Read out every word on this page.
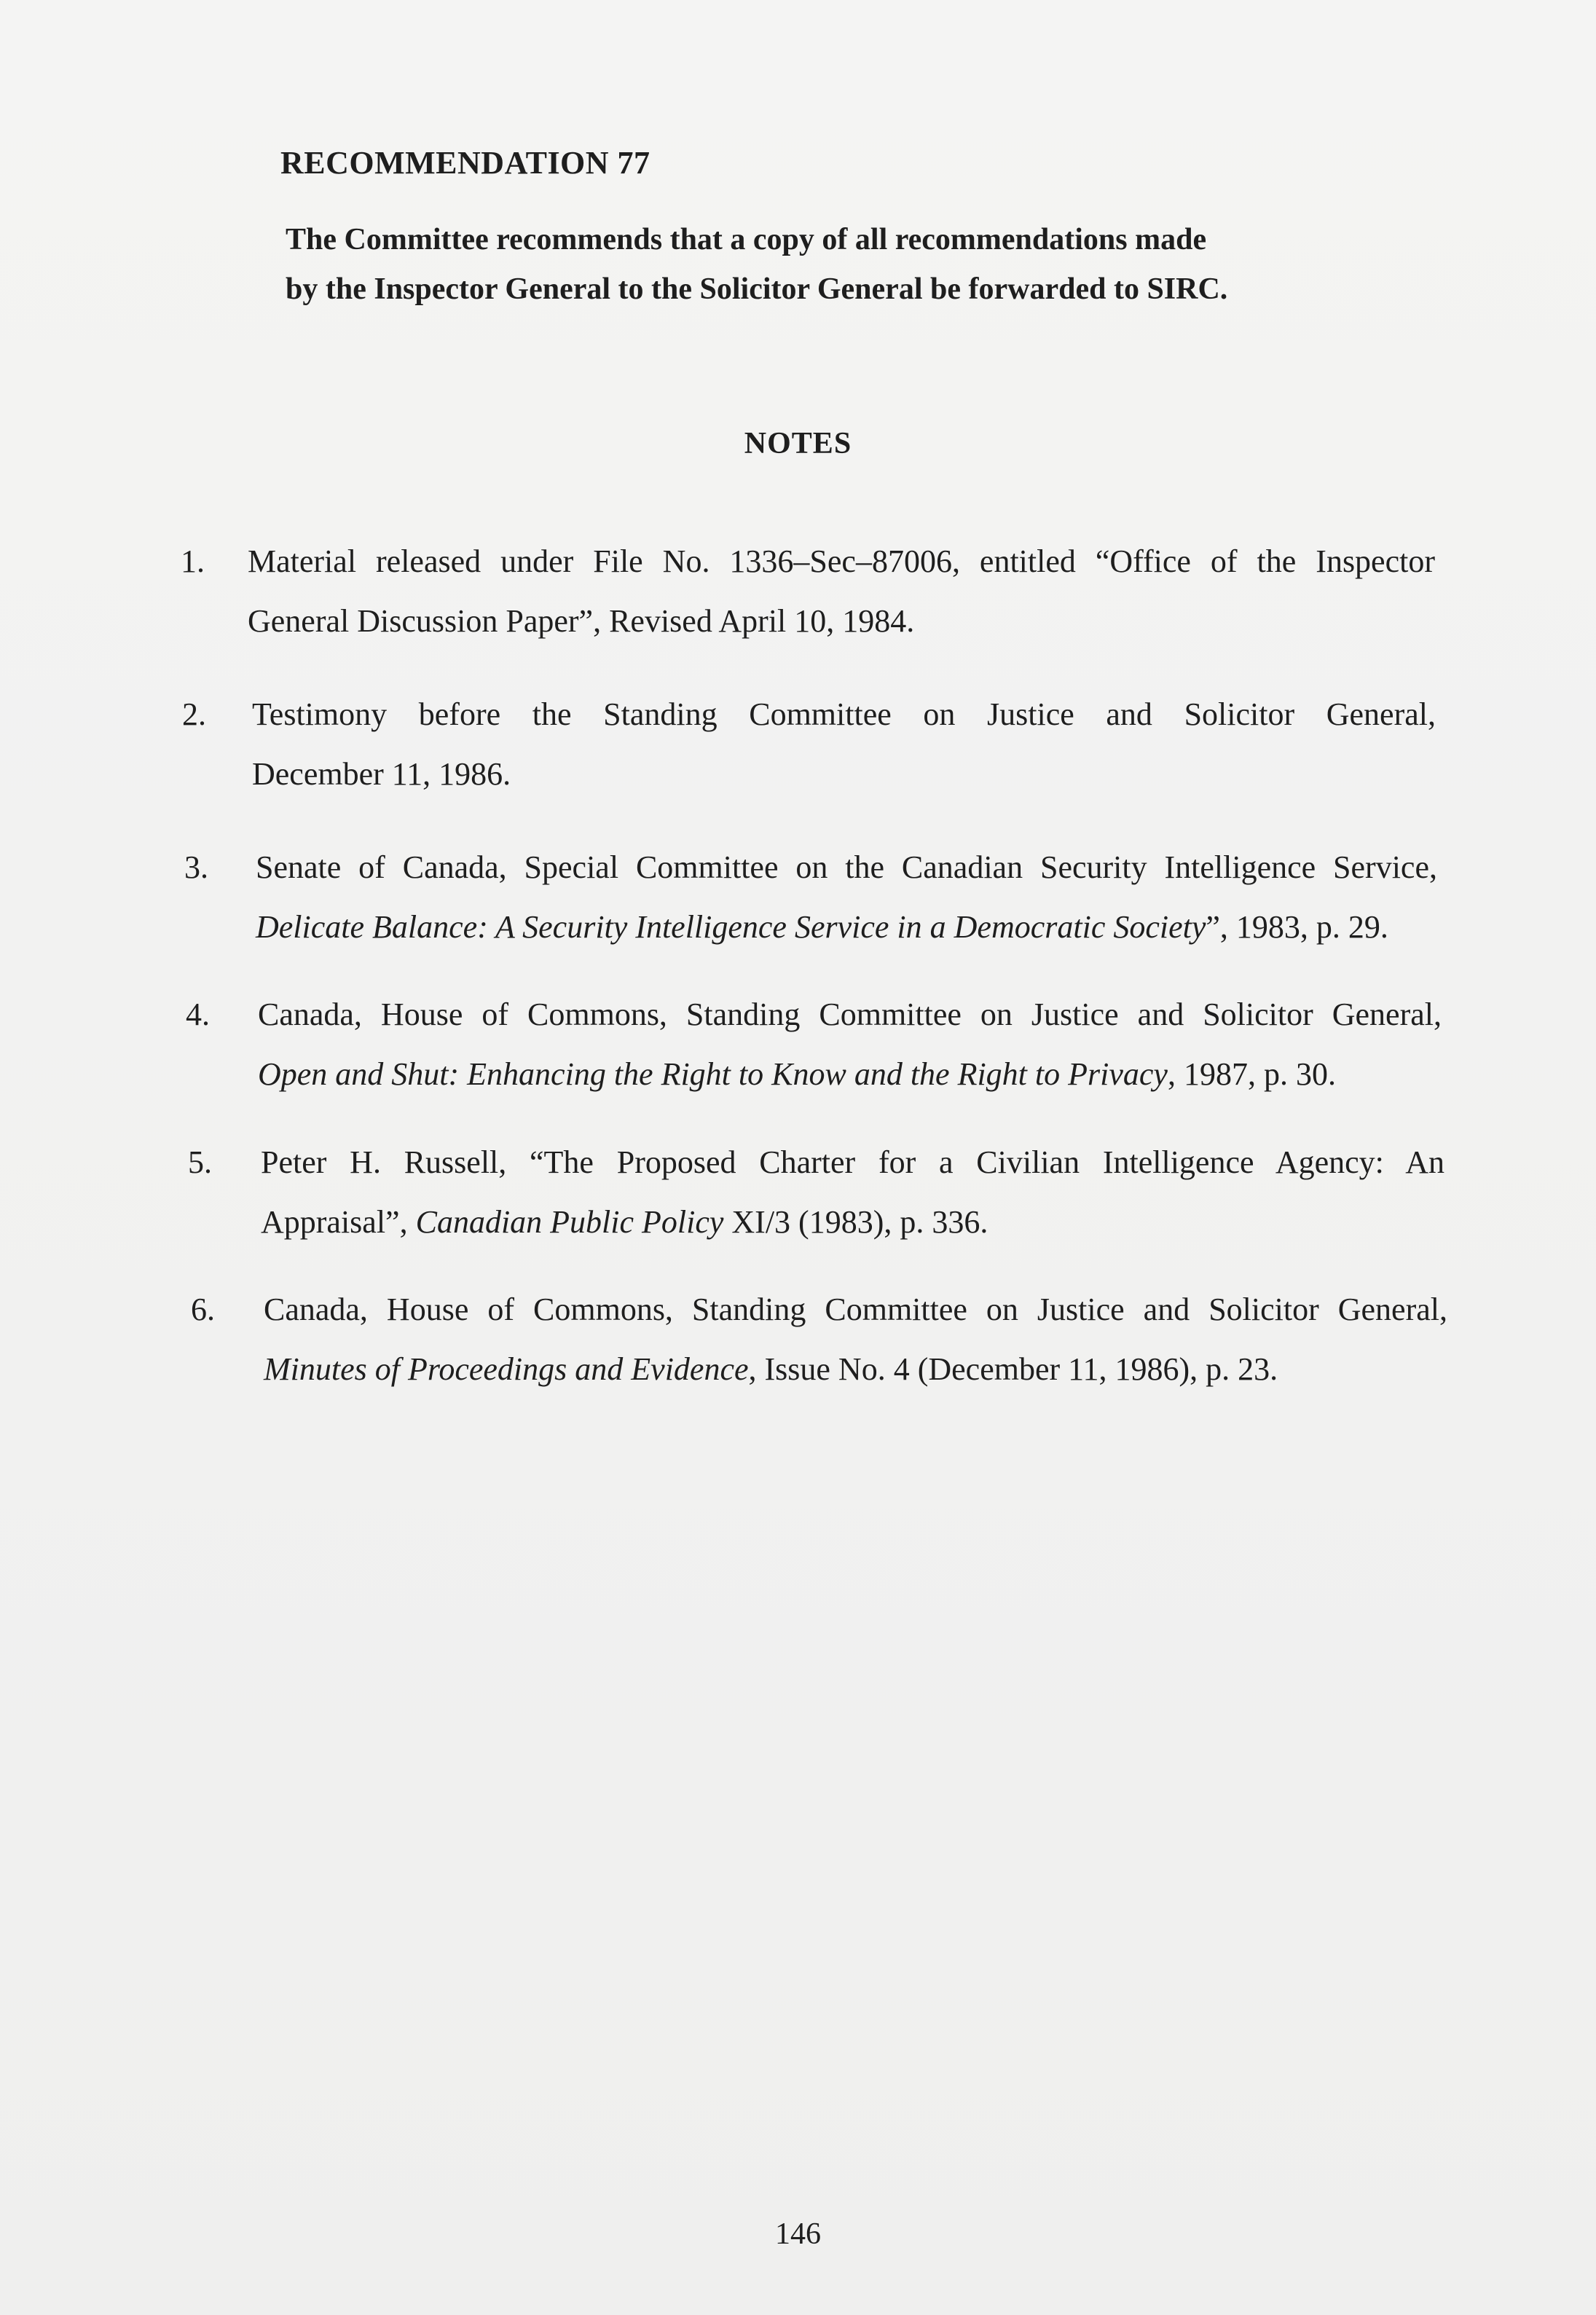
RECOMMENDATION 77
The Committee recommends that a copy of all recommendations made
by the Inspector General to the Solicitor General be forwarded to SIRC.
NOTES
1. Material released under File No. 1336–Sec–87006, entitled “Office of the Inspector
General Discussion Paper”, Revised April 10, 1984.
2. Testimony before the Standing Committee on Justice and Solicitor General,
December 11, 1986.
3. Senate of Canada, Special Committee on the Canadian Security Intelligence Service,
Delicate Balance: A Security Intelligence Service in a Democratic Society”, 1983, p. 29.
4. Canada, House of Commons, Standing Committee on Justice and Solicitor General,
Open and Shut: Enhancing the Right to Know and the Right to Privacy, 1987, p. 30.
5. Peter H. Russell, “The Proposed Charter for a Civilian Intelligence Agency: An
Appraisal”, Canadian Public Policy XI/3 (1983), p. 336.
6. Canada, House of Commons, Standing Committee on Justice and Solicitor General,
Minutes of Proceedings and Evidence, Issue No. 4 (December 11, 1986), p. 23.
146
